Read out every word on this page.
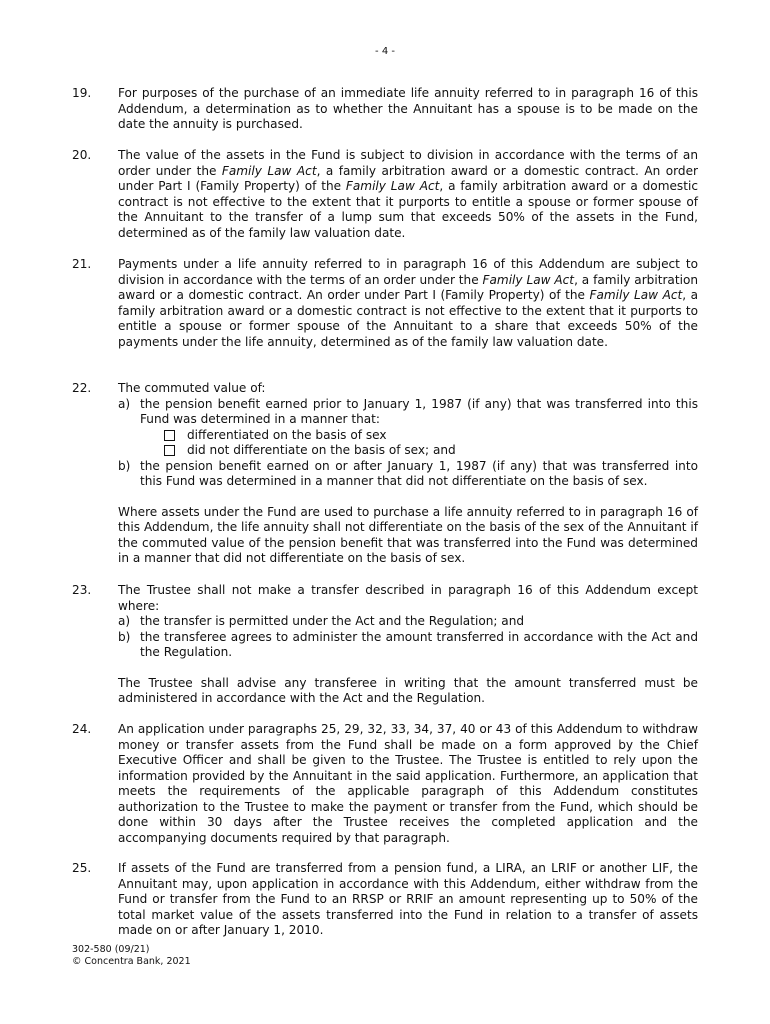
- 4 -
19. For purposes of the purchase of an immediate life annuity referred to in paragraph 16 of this Addendum, a determination as to whether the Annuitant has a spouse is to be made on the date the annuity is purchased.

20. The value of the assets in the Fund is subject to division in accordance with the terms of an order under the Family Law Act, a family arbitration award or a domestic contract. An order under Part I (Family Property) of the Family Law Act, a family arbitration award or a domestic contract is not effective to the extent that it purports to entitle a spouse or former spouse of the Annuitant to the transfer of a lump sum that exceeds 50% of the assets in the Fund, determined as of the family law valuation date.

21. Payments under a life annuity referred to in paragraph 16 of this Addendum are subject to division in accordance with the terms of an order under the Family Law Act, a family arbitration award or a domestic contract. An order under Part I (Family Property) of the Family Law Act, a family arbitration award or a domestic contract is not effective to the extent that it purports to entitle a spouse or former spouse of the Annuitant to a share that exceeds 50% of the payments under the life annuity, determined as of the family law valuation date.

22. The commuted value of:
a) the pension benefit earned prior to January 1, 1987 (if any) that was transferred into this Fund was determined in a manner that:
differentiated on the basis of sex
did not differentiate on the basis of sex; and
b) the pension benefit earned on or after January 1, 1987 (if any) that was transferred into this Fund was determined in a manner that did not differentiate on the basis of sex.

Where assets under the Fund are used to purchase a life annuity referred to in paragraph 16 of this Addendum, the life annuity shall not differentiate on the basis of the sex of the Annuitant if the commuted value of the pension benefit that was transferred into the Fund was determined in a manner that did not differentiate on the basis of sex.

23. The Trustee shall not make a transfer described in paragraph 16 of this Addendum except where:
a) the transfer is permitted under the Act and the Regulation; and
b) the transferee agrees to administer the amount transferred in accordance with the Act and the Regulation.

The Trustee shall advise any transferee in writing that the amount transferred must be administered in accordance with the Act and the Regulation.

24. An application under paragraphs 25, 29, 32, 33, 34, 37, 40 or 43 of this Addendum to withdraw money or transfer assets from the Fund shall be made on a form approved by the Chief Executive Officer and shall be given to the Trustee. The Trustee is entitled to rely upon the information provided by the Annuitant in the said application. Furthermore, an application that meets the requirements of the applicable paragraph of this Addendum constitutes authorization to the Trustee to make the payment or transfer from the Fund, which should be done within 30 days after the Trustee receives the completed application and the accompanying documents required by that paragraph.

25. If assets of the Fund are transferred from a pension fund, a LIRA, an LRIF or another LIF, the Annuitant may, upon application in accordance with this Addendum, either withdraw from the Fund or transfer from the Fund to an RRSP or RRIF an amount representing up to 50% of the total market value of the assets transferred into the Fund in relation to a transfer of assets made on or after January 1, 2010.

302-580 (09/21)
© Concentra Bank, 2021
